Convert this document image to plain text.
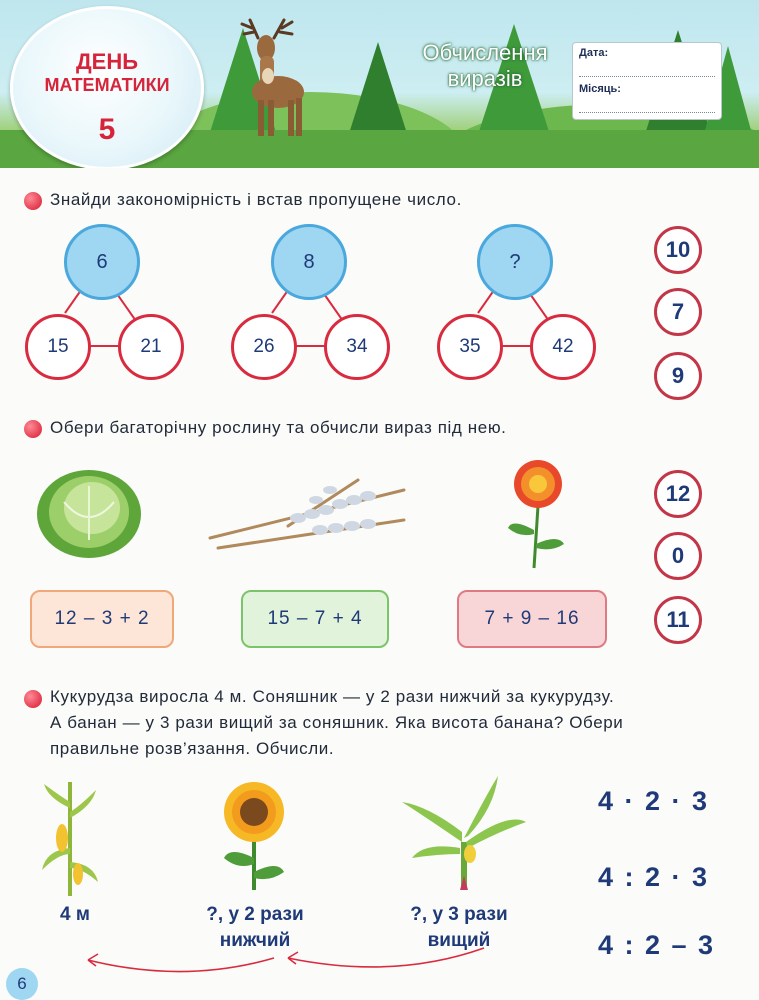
ДЕНЬ
МАТЕМАТИКИ
5
Обчислення
виразів
Дата:
Місяць:
Знайди закономірність і встав пропущене число.
6
15	21
8
26	34
?
35	42
10
7
9
Обери багаторічну рослину та обчисли вираз під нею.
12 – 3 + 2	15 – 7 + 4	7 + 9 – 16
12
0
11
Кукурудза виросла 4 м. Соняшник — у 2 рази нижчий за кукурудзу.
А банан — у 3 рази вищий за соняшник. Яка висота банана? Обери
правильне розв’язання. Обчисли.
4 м	?, у 2 рази
нижчий
?, у 3 рази
вищий
4 · 2 · 3
4 : 2 · 3
4 : 2 – 3
6
